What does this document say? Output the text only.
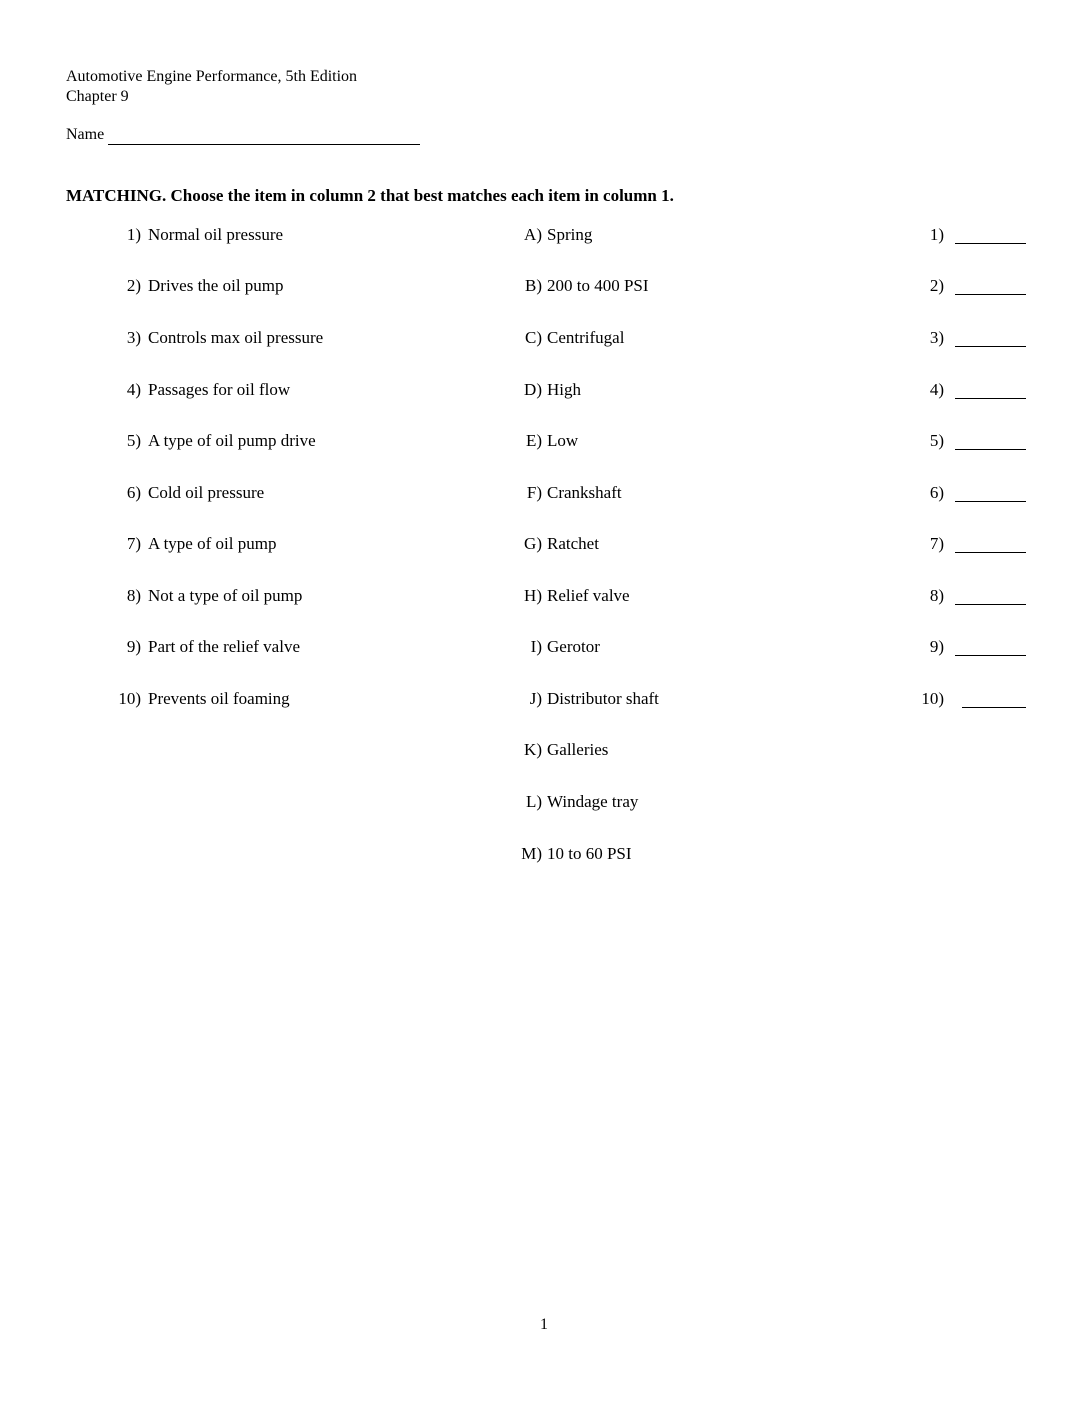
Automotive Engine Performance, 5th Edition
Chapter 9
Name
MATCHING. Choose the item in column 2 that best matches each item in column 1.
1) Normal oil pressure	A) Spring	1)
2) Drives the oil pump	B) 200 to 400 PSI	2)
3) Controls max oil pressure	C) Centrifugal	3)
4) Passages for oil flow	D) High	4)
5) A type of oil pump drive	E) Low	5)
6) Cold oil pressure	F) Crankshaft	6)
7) A type of oil pump	G) Ratchet	7)
8) Not a type of oil pump	H) Relief valve	8)
9) Part of the relief valve	I) Gerotor	9)
10) Prevents oil foaming	J) Distributor shaft	10)
K) Galleries
L) Windage tray
M) 10 to 60 PSI
1
